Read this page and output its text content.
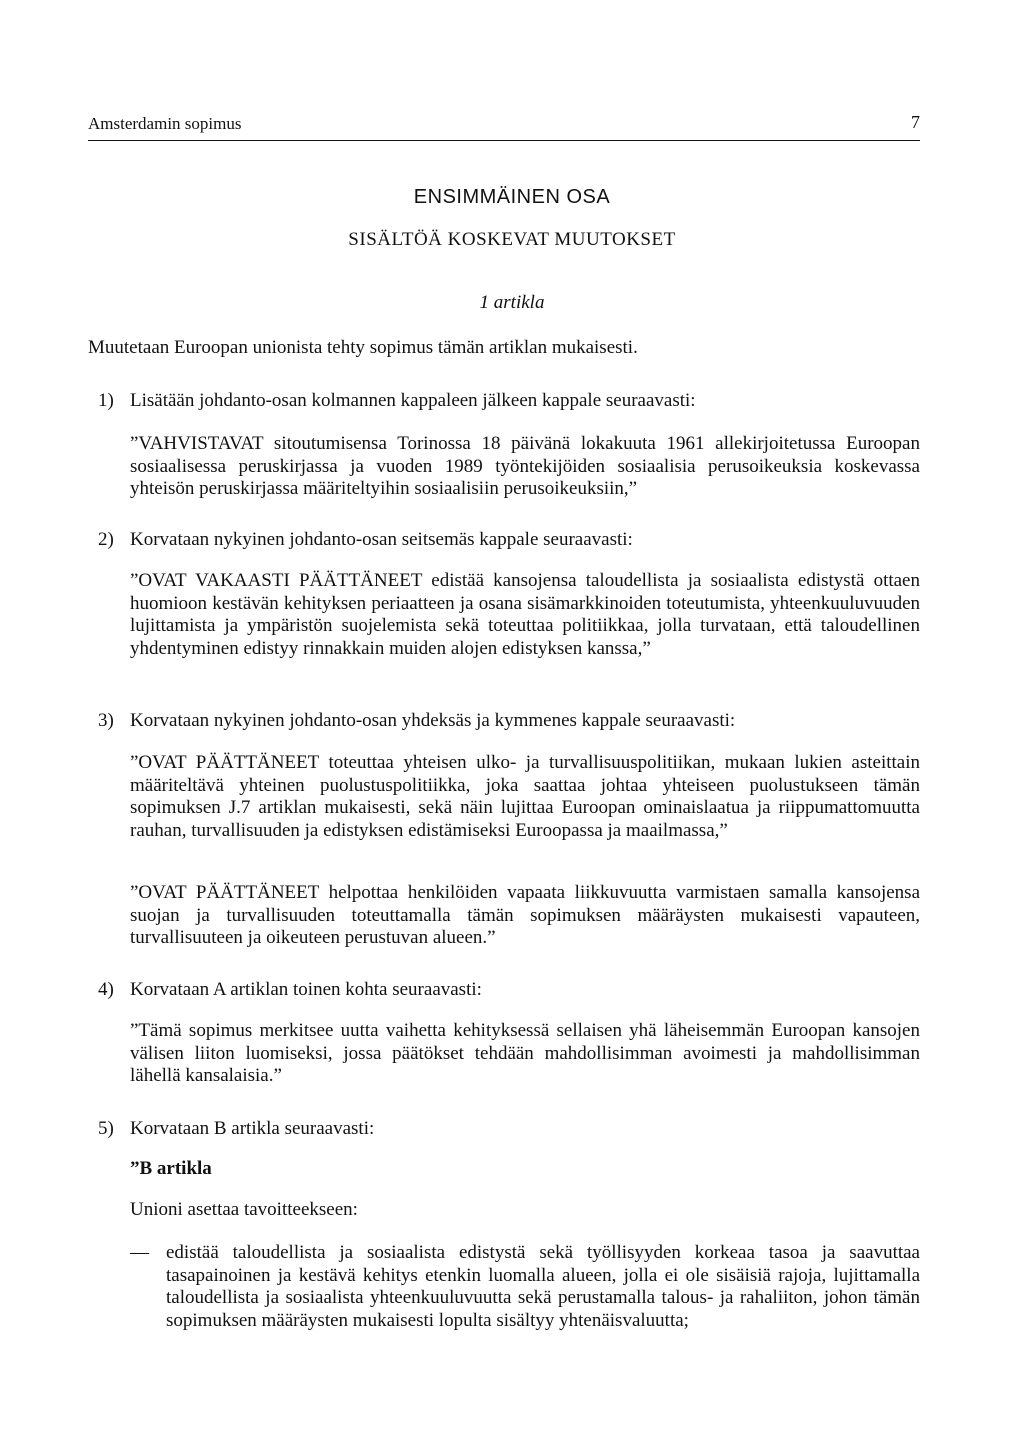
Amsterdamin sopimus	7
ENSIMMÄINEN OSA
SISÄLTÖÄ KOSKEVAT MUUTOKSET
1 artikla
Muutetaan Euroopan unionista tehty sopimus tämän artiklan mukaisesti.
1) Lisätään johdanto-osan kolmannen kappaleen jälkeen kappale seuraavasti:
”VAHVISTAVAT sitoutumisensa Torinossa 18 päivänä lokakuuta 1961 allekirjoitetussa Euroopan sosiaalisessa peruskirjassa ja vuoden 1989 työntekijöiden sosiaalisia perusoikeuksia koskevassa yhteisön peruskirjassa määriteltyihin sosiaalisiin perusoikeuksiin,”
2) Korvataan nykyinen johdanto-osan seitsemäs kappale seuraavasti:
”OVAT VAKAASTI PÄÄTTÄNEET edistää kansojensa taloudellista ja sosiaalista edistystä ottaen huomioon kestävän kehityksen periaatteen ja osana sisämarkkinoiden toteutumista, yhteenkuuluvuuden lujittamista ja ympäristön suojelemista sekä toteuttaa politiikkaa, jolla turvataan, että taloudellinen yhdentyminen edistyy rinnakkain muiden alojen edistyksen kanssa,”
3) Korvataan nykyinen johdanto-osan yhdeksäs ja kymmenes kappale seuraavasti:
”OVAT PÄÄTTÄNEET toteuttaa yhteisen ulko- ja turvallisuuspolitiikan, mukaan lukien asteittain määriteltävä yhteinen puolustuspolitiikka, joka saattaa johtaa yhteiseen puolustukseen tämän sopimuksen J.7 artiklan mukaisesti, sekä näin lujittaa Euroopan ominaislaatua ja riippumattomuutta rauhan, turvallisuuden ja edistyksen edistämiseksi Euroopassa ja maailmassa,”
”OVAT PÄÄTTÄNEET helpottaa henkilöiden vapaata liikkuvuutta varmistaen samalla kansojensa suojan ja turvallisuuden toteuttamalla tämän sopimuksen määräysten mukaisesti vapauteen, turvallisuuteen ja oikeuteen perustuvan alueen.”
4) Korvataan A artiklan toinen kohta seuraavasti:
”Tämä sopimus merkitsee uutta vaihetta kehityksessä sellaisen yhä läheisemmän Euroopan kansojen välisen liiton luomiseksi, jossa päätökset tehdään mahdollisimman avoimesti ja mahdollisimman lähellä kansalaisia.”
5) Korvataan B artikla seuraavasti:
”B artikla
Unioni asettaa tavoitteekseen:
— edistää taloudellista ja sosiaalista edistystä sekä työllisyyden korkeaa tasoa ja saavuttaa tasapainoinen ja kestävä kehitys etenkin luomalla alueen, jolla ei ole sisäisiä rajoja, lujittamalla taloudellista ja sosiaalista yhteenkuuluvuutta sekä perustamalla talous- ja rahaliiton, johon tämän sopimuksen määräysten mukaisesti lopulta sisältyy yhtenäisvaluutta;
